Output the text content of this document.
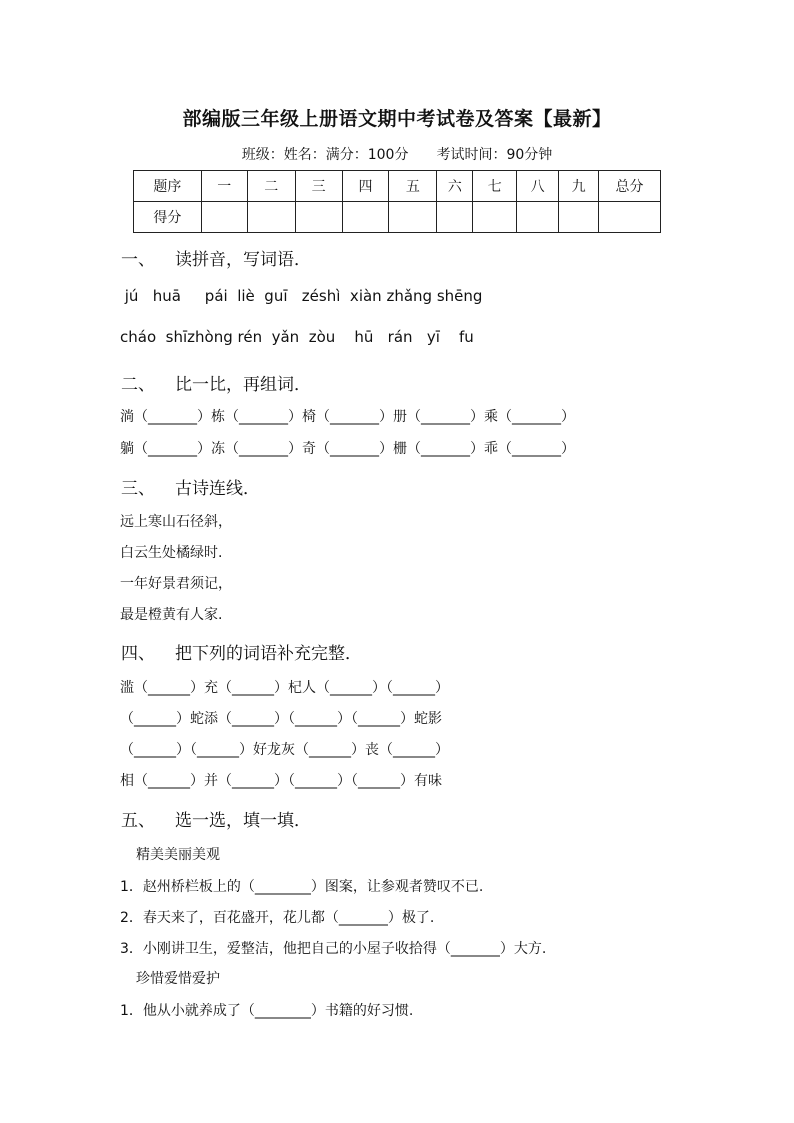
部编版三年级上册语文期中考试卷及答案【最新】
班级：姓名：满分：100分　　考试时间：90分钟
题序	一	二	三	四	五	六	七	八	九	总分
得分										
一、 读拼音，写词语．
jú   huā     pái  liè  guī   zéshì  xiàn zhǎng shēng
cháo  shīzhòng rén  yǎn  zòu    hū   rán   yī    fu
二、 比一比，再组词．
淌（_______）栋（_______）椅（_______）册（_______）乘（_______）
躺（_______）冻（_______）奇（_______）栅（_______）乖（_______）
三、 古诗连线．
远上寒山石径斜，
白云生处橘绿时.
一年好景君须记，
最是橙黄有人家.
四、 把下列的词语补充完整．
滥（______）充（______）杞人（______）（______）
（______）蛇添（______）（______）（______）蛇影
（______）（______）好龙灰（______）丧（______）
相（______）并（______）（______）（______）有味
五、 选一选，填一填．
精美美丽美观
1．赵州桥栏板上的（________）图案，让参观者赞叹不已.
2．春天来了，百花盛开，花儿都（_______）极了.
3．小刚讲卫生，爱整洁，他把自己的小屋子收拾得（_______）大方.
珍惜爱惜爱护
1．他从小就养成了（________）书籍的好习惯.
